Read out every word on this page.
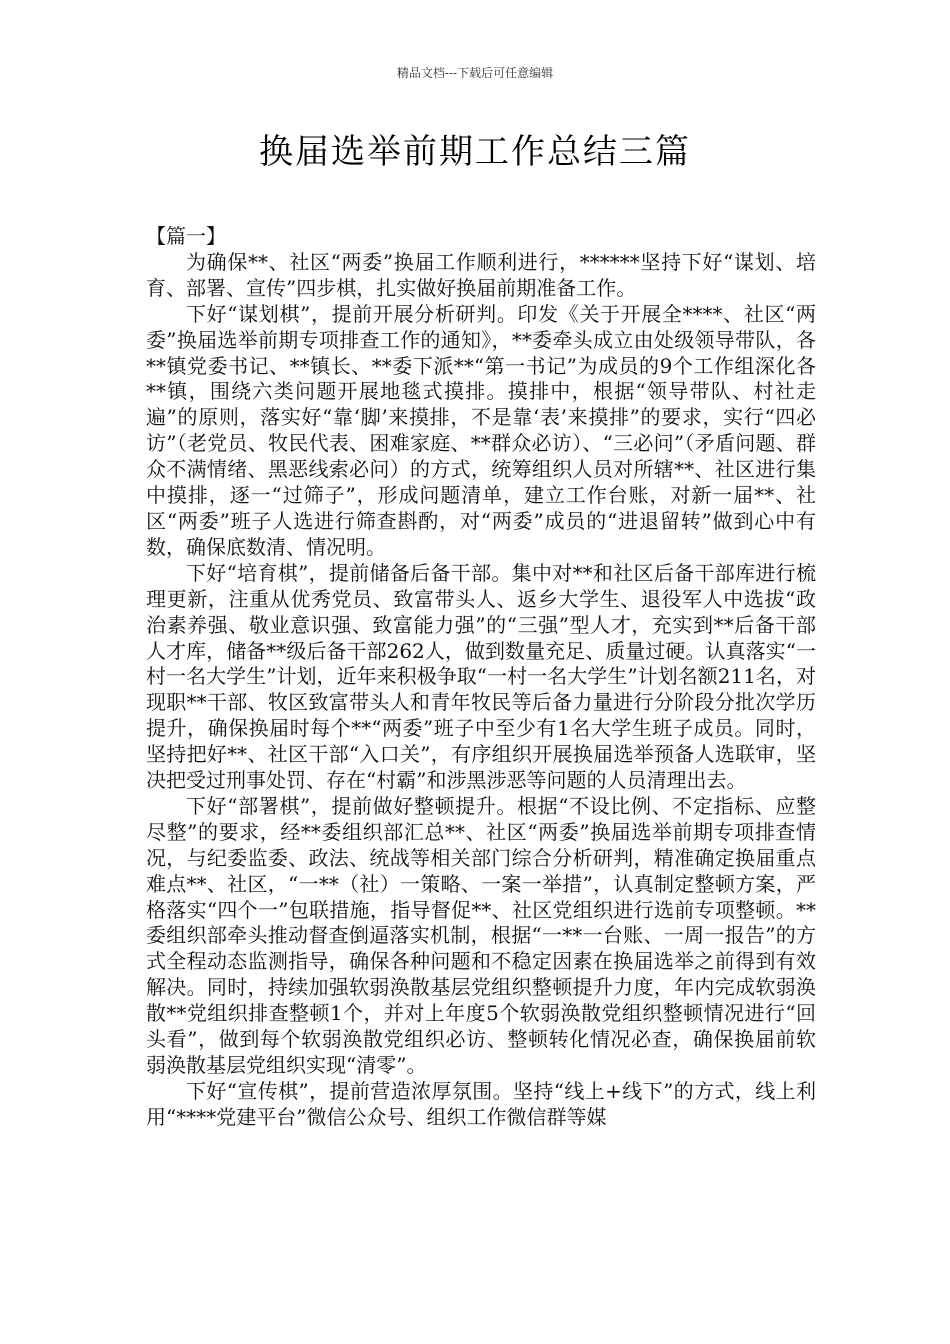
精品文档---下载后可任意编辑
换届选举前期工作总结三篇

【篇一】

为确保**、社区“两委”换届工作顺利进行，******坚持下好“谋划、培育、部署、宣传”四步棋，扎实做好换届前期准备工作。

下好“谋划棋”，提前开展分析研判。印发《关于开展全****、社区“两委”换届选举前期专项排查工作的通知》，**委牵头成立由处级领导带队，各**镇党委书记、**镇长、**委下派**“第一书记”为成员的9个工作组深化各**镇，围绕六类问题开展地毯式摸排。摸排中，根据“领导带队、村社走遍”的原则，落实好“靠‘脚’来摸排，不是靠‘表’来摸排”的要求，实行“四必访”（老党员、牧民代表、困难家庭、**群众必访）、“三必问”（矛盾问题、群众不满情绪、黑恶线索必问）的方式，统筹组织人员对所辖**、社区进行集中摸排，逐一“过筛子”，形成问题清单，建立工作台账，对新一届**、社区“两委”班子人选进行筛查斟酌，对“两委”成员的“进退留转”做到心中有数，确保底数清、情况明。

下好“培育棋”，提前储备后备干部。集中对**和社区后备干部库进行梳理更新，注重从优秀党员、致富带头人、返乡大学生、退役军人中选拔“政治素养强、敬业意识强、致富能力强”的“三强”型人才，充实到**后备干部人才库，储备**级后备干部262人，做到数量充足、质量过硬。认真落实“一村一名大学生”计划，近年来积极争取“一村一名大学生”计划名额211名，对现职**干部、牧区致富带头人和青年牧民等后备力量进行分阶段分批次学历提升，确保换届时每个**“两委”班子中至少有1名大学生班子成员。同时，坚持把好**、社区干部“入口关”，有序组织开展换届选举预备人选联审，坚决把受过刑事处罚、存在“村霸”和涉黑涉恶等问题的人员清理出去。

下好“部署棋”，提前做好整顿提升。根据“不设比例、不定指标、应整尽整”的要求，经**委组织部汇总**、社区“两委”换届选举前期专项排查情况，与纪委监委、政法、统战等相关部门综合分析研判，精准确定换届重点难点**、社区，“一**（社）一策略、一案一举措”，认真制定整顿方案，严格落实“四个一”包联措施，指导督促**、社区党组织进行选前专项整顿。**委组织部牵头推动督查倒逼落实机制，根据“一**一台账、一周一报告”的方式全程动态监测指导，确保各种问题和不稳定因素在换届选举之前得到有效解决。同时，持续加强软弱涣散基层党组织整顿提升力度，年内完成软弱涣散**党组织排查整顿1个，并对上年度5个软弱涣散党组织整顿情况进行“回头看”，做到每个软弱涣散党组织必访、整顿转化情况必查，确保换届前软弱涣散基层党组织实现“清零”。

下好“宣传棋”，提前营造浓厚氛围。坚持“线上+线下”的方式，线上利用“****党建平台”微信公众号、组织工作微信群等媒
